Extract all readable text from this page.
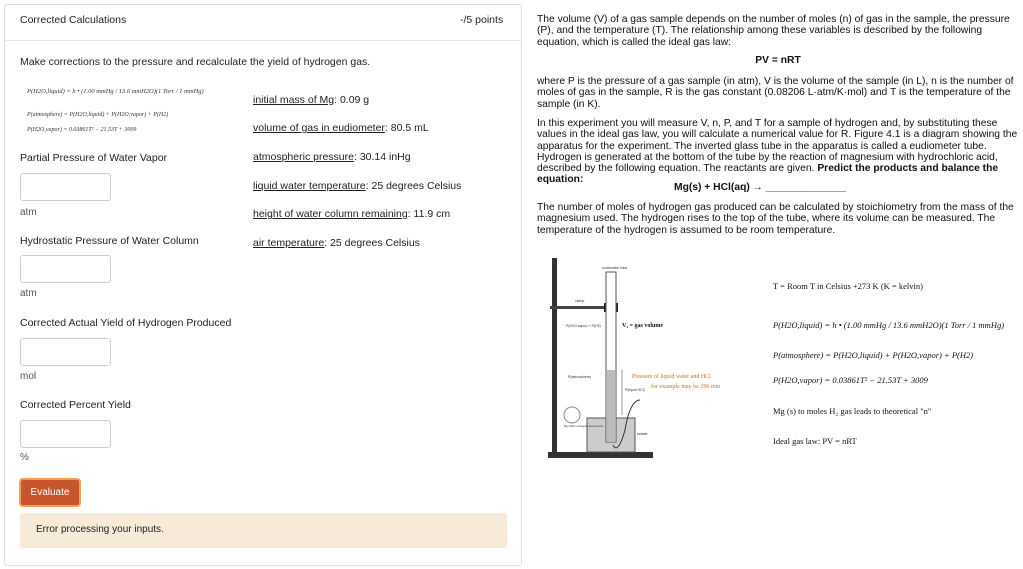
Corrected Calculations	-/5 points
Make corrections to the pressure and recalculate the yield of hydrogen gas.
P(H2O,liquid) = h • (1.00 mmHg / 13.6 mmH2O)(1 Torr / 1 mmHg)
P(atmosphere) = P(H2O,liquid) + P(H2O,vapor) + P(H2)
P(H2O,vapor) = 0.03861T² − 21.53T + 3009
initial mass of Mg: 0.09 g
volume of gas in eudiometer: 80.5 mL
atmospheric pressure: 30.14 inHg
liquid water temperature: 25 degrees Celsius
height of water column remaining: 11.9 cm
air temperature: 25 degrees Celsius
Partial Pressure of Water Vapor
atm
Hydrostatic Pressure of Water Column
atm
Corrected Actual Yield of Hydrogen Produced
mol
Corrected Percent Yield
%
Evaluate
Error processing your inputs.
The volume (V) of a gas sample depends on the number of moles (n) of gas in the sample, the pressure (P), and the temperature (T). The relationship among these variables is described by the following equation, which is called the ideal gas law:
PV = nRT
where P is the pressure of a gas sample (in atm), V is the volume of the sample (in L), n is the number of moles of gas in the sample, R is the gas constant (0.08206 L·atm/K·mol) and T is the temperature of the sample (in K).
In this experiment you will measure V, n, P, and T for a sample of hydrogen and, by substituting these values in the ideal gas law, you will calculate a numerical value for R. Figure 4.1 is a diagram showing the apparatus for the experiment. The inverted glass tube in the apparatus is called a eudiometer tube. Hydrogen is generated at the bottom of the tube by the reaction of magnesium with hydrochloric acid, described by the following equation. The reactants are given. Predict the products and balance the equation:
Mg(s) + HCl(aq) → ______________
The number of moles of hydrogen gas produced can be calculated by stoichiometry from the mass of the magnesium used. The hydrogen rises to the top of the tube, where its volume can be measured. The temperature of the hydrogen is assumed to be room temperature.
eudiometer tube
clamp
P(H2O vapor) + P(H2)	V₁ = gas volume
P(atmosphere)
P(liquid HCl)
Pressure of liquid water and HCl
for example may be 296 mm
beaker
Mg ribbon wrapped around wire
T = Room T in Celsius +273 K (K = kelvin)
P(H2O,liquid) = h • (1.00 mmHg / 13.6 mmH2O)(1 Torr / 1 mmHg)
P(atmosphere) = P(H2O,liquid) + P(H2O,vapor) + P(H2)
P(H2O,vapor) = 0.03861T² − 21.53T + 3009
Mg (s) to moles H₂ gas leads to theoretical "n"
Ideal gas law: PV = nRT
